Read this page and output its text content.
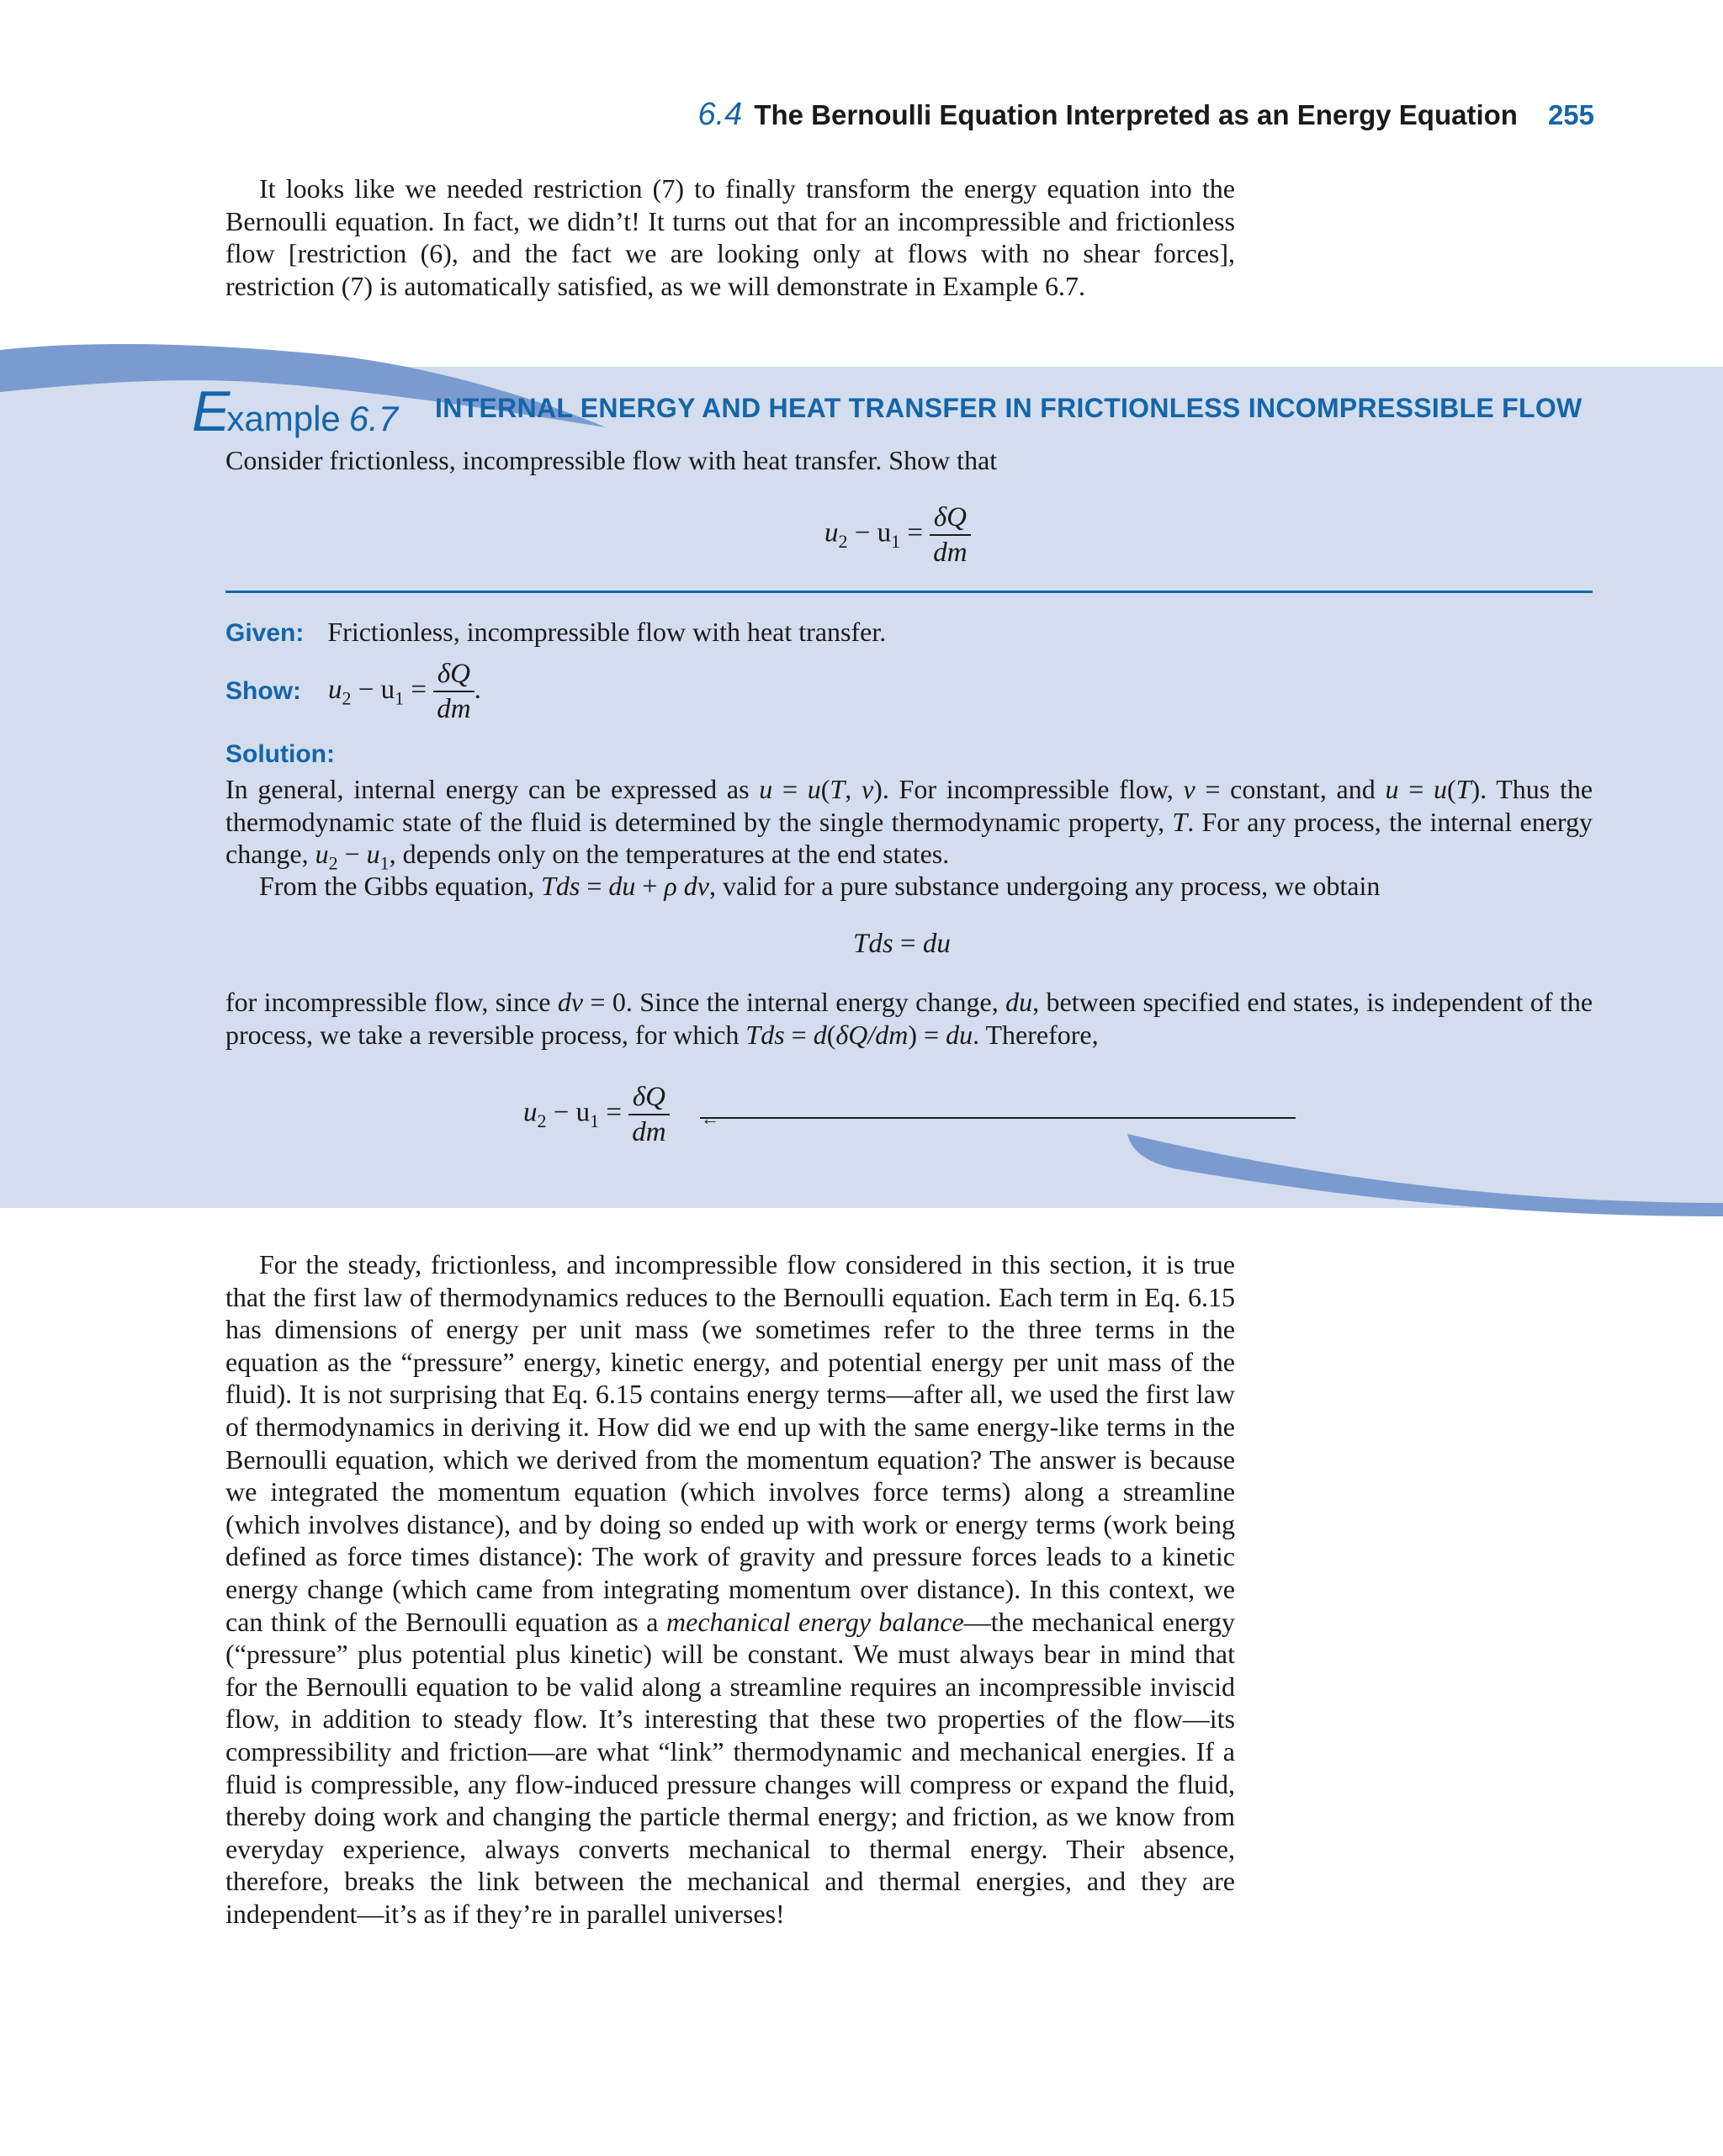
6.4 The Bernoulli Equation Interpreted as an Energy Equation 255
It looks like we needed restriction (7) to finally transform the energy equation into the Bernoulli equation. In fact, we didn’t! It turns out that for an incompressible and frictionless flow [restriction (6), and the fact we are looking only at flows with no shear forces], restriction (7) is automatically satisfied, as we will demonstrate in Example 6.7.
Example 6.7 INTERNAL ENERGY AND HEAT TRANSFER IN FRICTIONLESS INCOMPRESSIBLE FLOW
Consider frictionless, incompressible flow with heat transfer. Show that
$u_2 - u_1 = \frac{\delta Q}{dm}$
Given: Frictionless, incompressible flow with heat transfer.
Show: $u_2 - u_1 = \frac{\delta Q}{dm}$ .
Solution:
In general, internal energy can be expressed as u = u(T, v). For incompressible flow, v = constant, and u = u(T). Thus the thermodynamic state of the fluid is determined by the single thermodynamic property, T. For any process, the internal energy change, $u_2 - u_1$, depends only on the temperatures at the end states.
From the Gibbs equation, Tds = du + ρ dv, valid for a pure substance undergoing any process, we obtain
Tds = du
for incompressible flow, since dv = 0. Since the internal energy change, du, between specified end states, is independent of the process, we take a reversible process, for which Tds = d(δQ/dm) = du. Therefore,
$u_2 - u_1 = \frac{\delta Q}{dm}$ ←
For the steady, frictionless, and incompressible flow considered in this section, it is true that the first law of thermodynamics reduces to the Bernoulli equation. Each term in Eq. 6.15 has dimensions of energy per unit mass (we sometimes refer to the three terms in the equation as the “pressure” energy, kinetic energy, and potential energy per unit mass of the fluid). It is not surprising that Eq. 6.15 contains energy terms—after all, we used the first law of thermodynamics in deriving it. How did we end up with the same energy-like terms in the Bernoulli equation, which we derived from the momentum equation? The answer is because we integrated the momentum equation (which involves force terms) along a streamline (which involves distance), and by doing so ended up with work or energy terms (work being defined as force times distance): The work of gravity and pressure forces leads to a kinetic energy change (which came from integrating momentum over distance). In this context, we can think of the Bernoulli equation as a mechanical energy balance—the mechanical energy (“pressure” plus potential plus kinetic) will be constant. We must always bear in mind that for the Bernoulli equation to be valid along a streamline requires an incompressible inviscid flow, in addition to steady flow. It’s interesting that these two properties of the flow—its compressibility and friction—are what “link” thermodynamic and mechanical energies. If a fluid is compressible, any flow-induced pressure changes will compress or expand the fluid, thereby doing work and changing the particle thermal energy; and friction, as we know from everyday experience, always converts mechanical to thermal energy. Their absence, therefore, breaks the link between the mechanical and thermal energies, and they are independent—it’s as if they’re in parallel universes!
